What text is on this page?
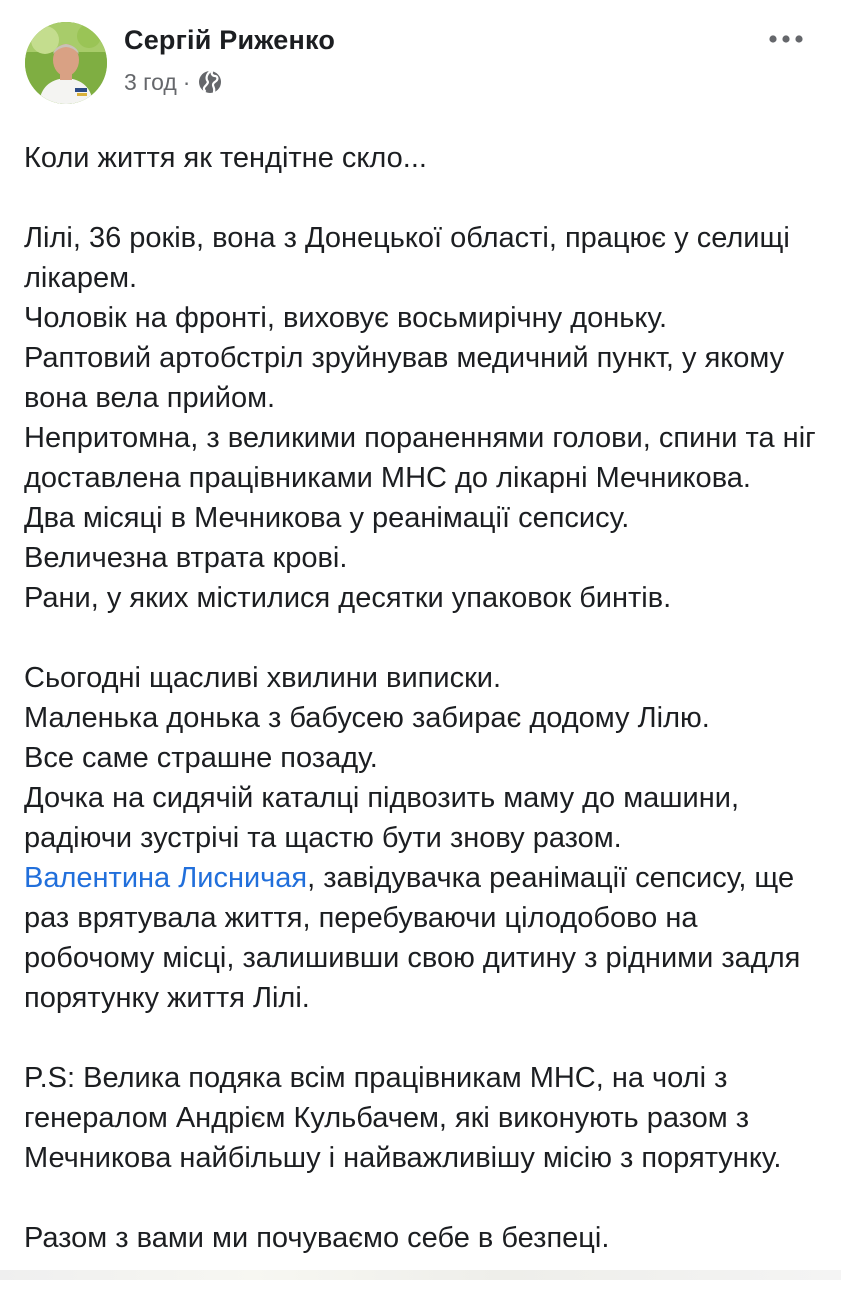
Сергій Риженко
3 год ·

Коли життя як тендітне скло...

Лілі, 36 років, вона з Донецької області, працює у селищі лікарем.
Чоловік на фронті, виховує восьмирічну доньку.
Раптовий артобстріл зруйнував медичний пункт, у якому вона вела прийом.
Непритомна, з великими пораненнями голови, спини та ніг доставлена працівниками МНС до лікарні Мечникова.
Два місяці в Мечникова у реанімації сепсису.
Величезна втрата крові.
Рани, у яких містилися десятки упаковок бинтів.

Сьогодні щасливі хвилини виписки.
Маленька донька з бабусею забирає додому Лілю.
Все саме страшне позаду.
Дочка на сидячій каталці підвозить маму до машини, радіючи зустрічі та щастю бути знову разом.
Валентина Лисничая, завідувачка реанімації сепсису, ще раз врятувала життя, перебуваючи цілодобово на робочому місці, залишивши свою дитину з рідними задля порятунку життя Лілі.

P.S: Велика подяка всім працівникам МНС, на чолі з генералом Андрієм Кульбачем, які виконують разом з Мечникова найбільшу і найважливішу місію з порятунку.

Разом з вами ми почуваємо себе в безпеці.
